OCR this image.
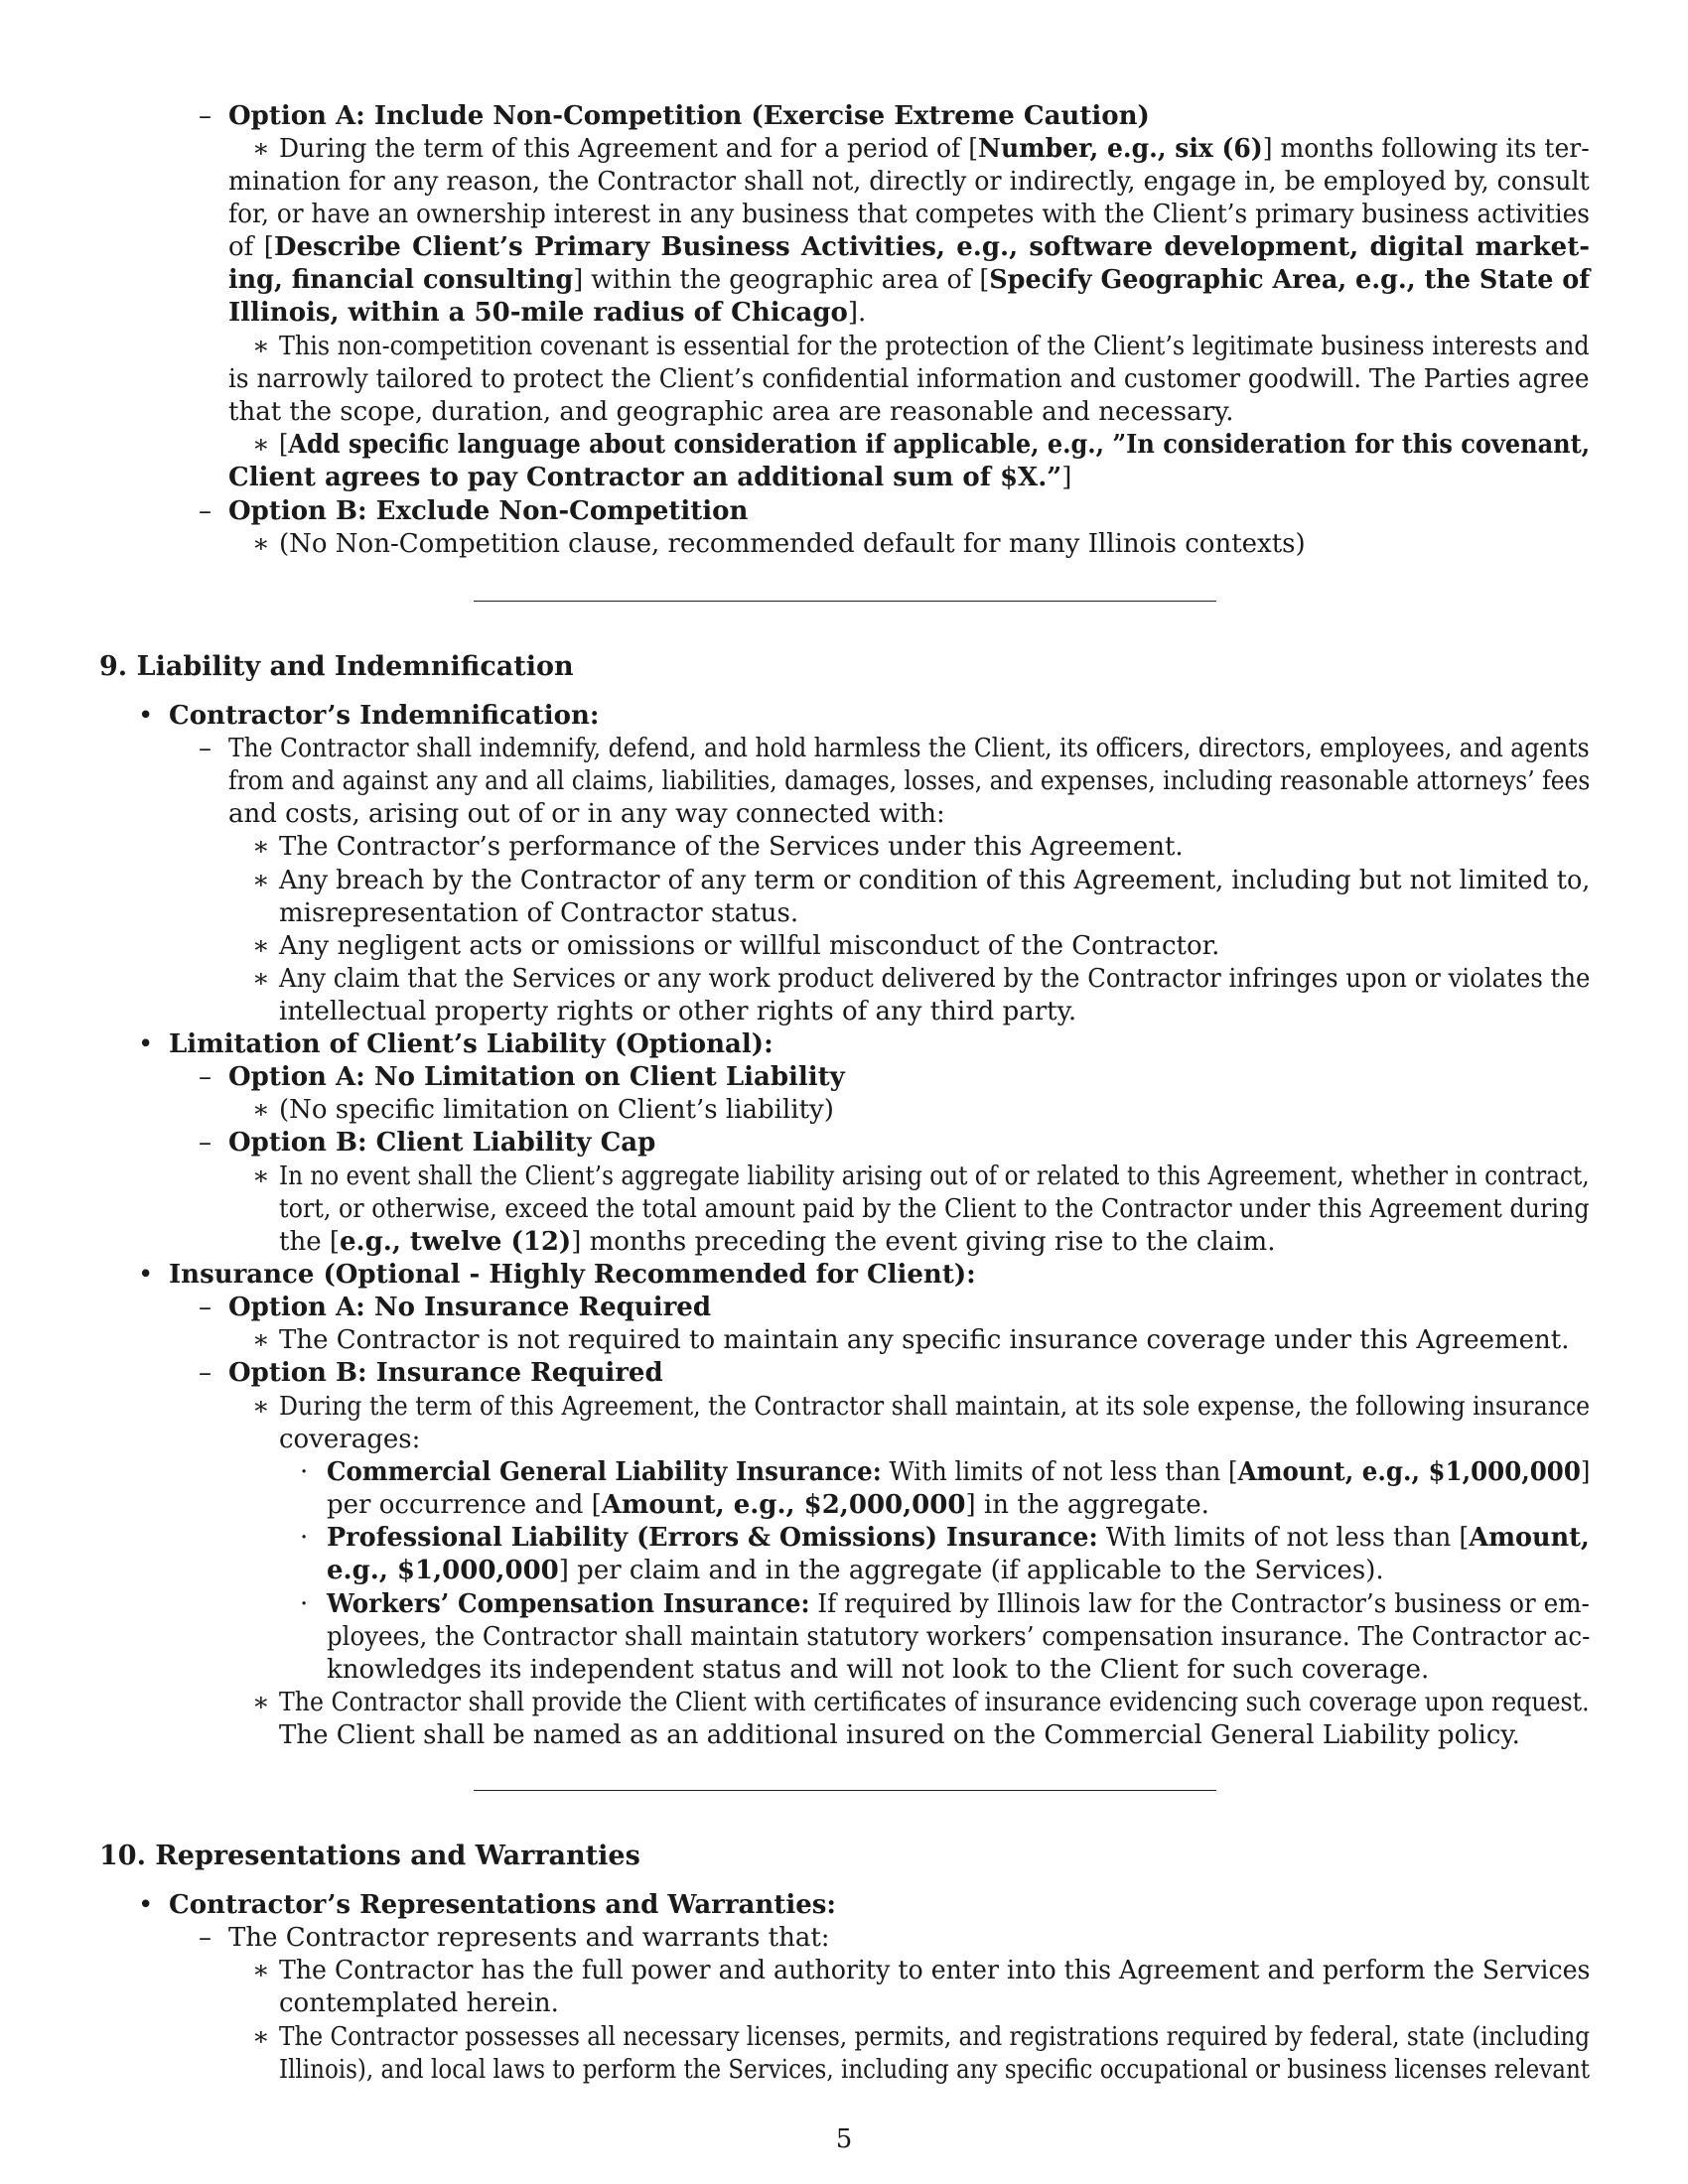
– Option A: Include Non-Competition (Exercise Extreme Caution)
∗ During the term of this Agreement and for a period of [Number, e.g., six (6)] months following its ter-
mination for any reason, the Contractor shall not, directly or indirectly, engage in, be employed by, consult
for, or have an ownership interest in any business that competes with the Client’s primary business activities
of [Describe Client’s Primary Business Activities, e.g., software development, digital market-
ing, financial consulting] within the geographic area of [Specify Geographic Area, e.g., the State of
Illinois, within a 50-mile radius of Chicago].
∗ This non-competition covenant is essential for the protection of the Client’s legitimate business interests and
is narrowly tailored to protect the Client’s confidential information and customer goodwill. The Parties agree
that the scope, duration, and geographic area are reasonable and necessary.
∗ [Add specific language about consideration if applicable, e.g., ”In consideration for this covenant,
Client agrees to pay Contractor an additional sum of $X.”]
– Option B: Exclude Non-Competition
∗ (No Non-Competition clause, recommended default for many Illinois contexts)
9. Liability and Indemnification
• Contractor’s Indemnification:
– The Contractor shall indemnify, defend, and hold harmless the Client, its officers, directors, employees, and agents
from and against any and all claims, liabilities, damages, losses, and expenses, including reasonable attorneys’ fees
and costs, arising out of or in any way connected with:
∗ The Contractor’s performance of the Services under this Agreement.
∗ Any breach by the Contractor of any term or condition of this Agreement, including but not limited to,
misrepresentation of Contractor status.
∗ Any negligent acts or omissions or willful misconduct of the Contractor.
∗ Any claim that the Services or any work product delivered by the Contractor infringes upon or violates the
intellectual property rights or other rights of any third party.
• Limitation of Client’s Liability (Optional):
– Option A: No Limitation on Client Liability
∗ (No specific limitation on Client’s liability)
– Option B: Client Liability Cap
∗ In no event shall the Client’s aggregate liability arising out of or related to this Agreement, whether in contract,
tort, or otherwise, exceed the total amount paid by the Client to the Contractor under this Agreement during
the [e.g., twelve (12)] months preceding the event giving rise to the claim.
• Insurance (Optional - Highly Recommended for Client):
– Option A: No Insurance Required
∗ The Contractor is not required to maintain any specific insurance coverage under this Agreement.
– Option B: Insurance Required
∗ During the term of this Agreement, the Contractor shall maintain, at its sole expense, the following insurance
coverages:
· Commercial General Liability Insurance: With limits of not less than [Amount, e.g., $1,000,000]
per occurrence and [Amount, e.g., $2,000,000] in the aggregate.
· Professional Liability (Errors & Omissions) Insurance: With limits of not less than [Amount,
e.g., $1,000,000] per claim and in the aggregate (if applicable to the Services).
· Workers’ Compensation Insurance: If required by Illinois law for the Contractor’s business or em-
ployees, the Contractor shall maintain statutory workers’ compensation insurance. The Contractor ac-
knowledges its independent status and will not look to the Client for such coverage.
∗ The Contractor shall provide the Client with certificates of insurance evidencing such coverage upon request.
The Client shall be named as an additional insured on the Commercial General Liability policy.
10. Representations and Warranties
• Contractor’s Representations and Warranties:
– The Contractor represents and warrants that:
∗ The Contractor has the full power and authority to enter into this Agreement and perform the Services
contemplated herein.
∗ The Contractor possesses all necessary licenses, permits, and registrations required by federal, state (including
Illinois), and local laws to perform the Services, including any specific occupational or business licenses relevant
5
